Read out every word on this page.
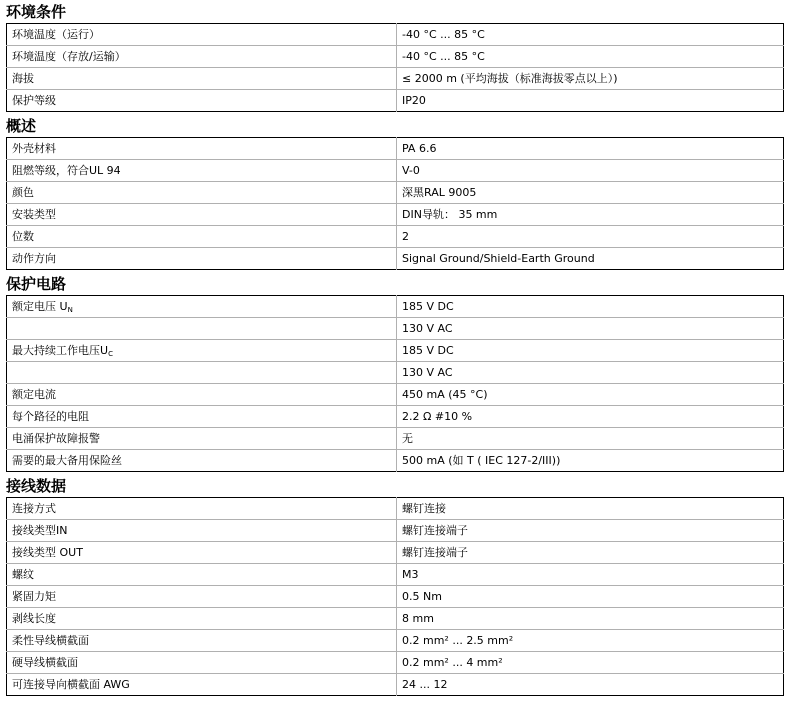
环境条件
环境温度（运行）	-40 °C ... 85 °C
环境温度（存放/运输）	-40 °C ... 85 °C
海拔	≤ 2000 m (平均海拔（标准海拔零点以上）)
保护等级	IP20
概述
外壳材料	PA 6.6
阻燃等级，符合UL 94	V-0
颜色	深黑RAL 9005
安装类型	DIN导轨： 35 mm
位数	2
动作方向	Signal Ground/Shield-Earth Ground
保护电路
额定电压 $U_N$	185 V DC
	130 V AC
最大持续工作电压$U_C$	185 V DC
	130 V AC
额定电流	450 mA (45 °C)
每个路径的电阻	2.2 Ω #10 %
电涌保护故障报警	无
需要的最大备用保险丝	500 mA (如 T ( IEC 127-2/III))
接线数据
连接方式	螺钉连接
接线类型IN	螺钉连接端子
接线类型 OUT	螺钉连接端子
螺纹	M3
紧固力矩	0.5 Nm
剥线长度	8 mm
柔性导线横截面	0.2 mm² ... 2.5 mm²
硬导线横截面	0.2 mm² ... 4 mm²
可连接导向横截面 AWG	24 ... 12
